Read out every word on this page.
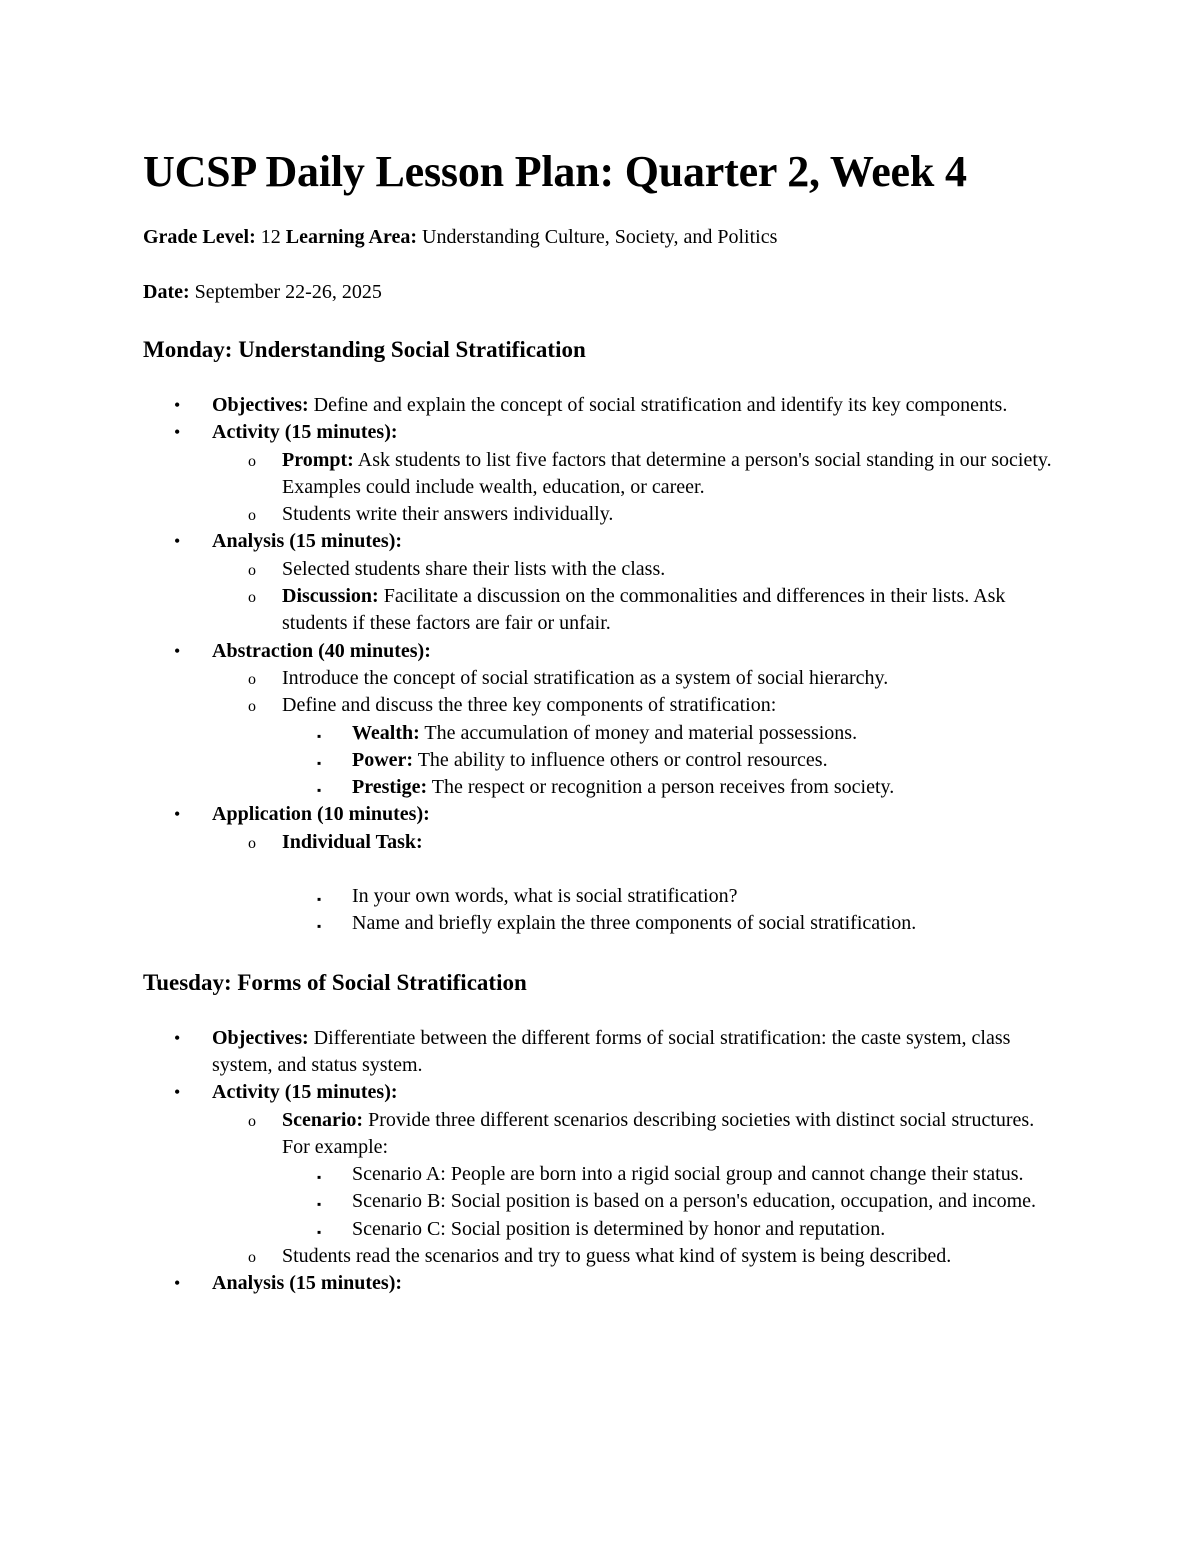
UCSP Daily Lesson Plan: Quarter 2, Week 4

Grade Level: 12 Learning Area: Understanding Culture, Society, and Politics

Date: September 22-26, 2025

Monday: Understanding Social Stratification
•	Objectives: Define and explain the concept of social stratification and identify its key components.
•	Activity (15 minutes):
o	Prompt: Ask students to list five factors that determine a person's social standing in our society. Examples could include wealth, education, or career.
o	Students write their answers individually.
•	Analysis (15 minutes):
o	Selected students share their lists with the class.
o	Discussion: Facilitate a discussion on the commonalities and differences in their lists. Ask students if these factors are fair or unfair.
•	Abstraction (40 minutes):
o	Introduce the concept of social stratification as a system of social hierarchy.
o	Define and discuss the three key components of stratification:
▪	Wealth: The accumulation of money and material possessions.
▪	Power: The ability to influence others or control resources.
▪	Prestige: The respect or recognition a person receives from society.
•	Application (10 minutes):
o	Individual Task:
▪	In your own words, what is social stratification?
▪	Name and briefly explain the three components of social stratification.
Tuesday: Forms of Social Stratification
•	Objectives: Differentiate between the different forms of social stratification: the caste system, class system, and status system.
•	Activity (15 minutes):
o	Scenario: Provide three different scenarios describing societies with distinct social structures. For example:
▪	Scenario A: People are born into a rigid social group and cannot change their status.
▪	Scenario B: Social position is based on a person's education, occupation, and income.
▪	Scenario C: Social position is determined by honor and reputation.
o	Students read the scenarios and try to guess what kind of system is being described.
•	Analysis (15 minutes):
